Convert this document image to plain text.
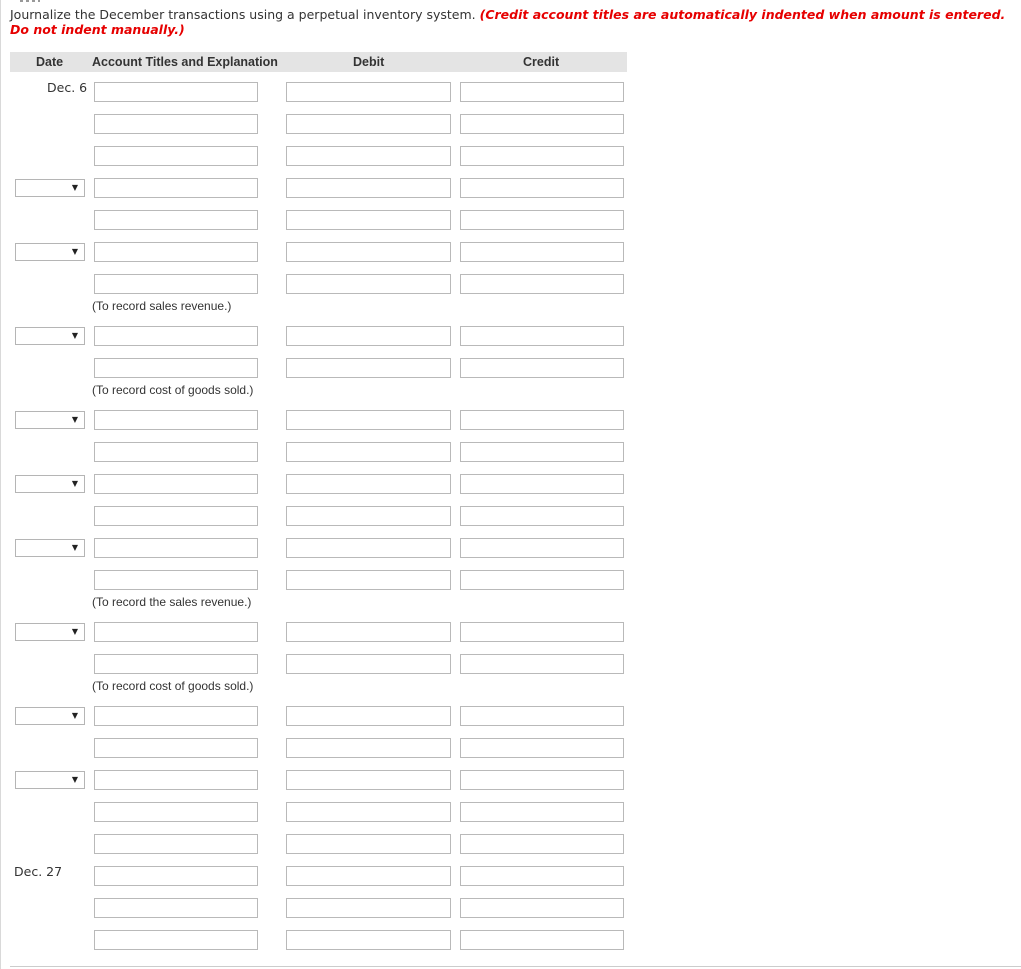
Journalize the December transactions using a perpetual inventory system. (Credit account titles are automatically indented when amount is entered. Do not indent manually.)
Date Account Titles and Explanation	Debit	Credit
Dec. 6
Dec. 27
▼
▼
▼
▼
▼
▼
▼
▼
▼
(To record sales revenue.)
(To record cost of goods sold.)
(To record the sales revenue.)
(To record cost of goods sold.)
